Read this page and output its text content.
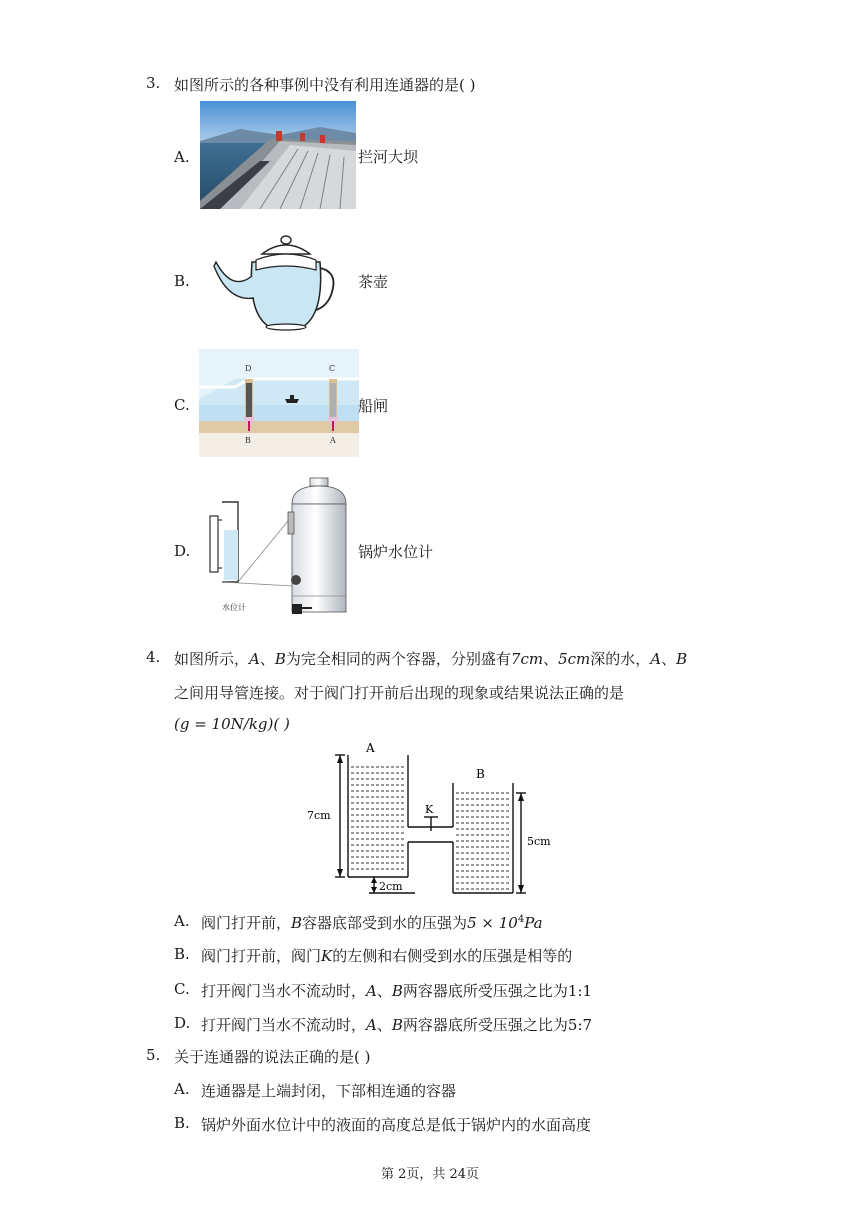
3. 如图所示的各种事例中没有利用连通器的是( )
A.	拦河大坝
B.	茶壶
C.
D	C
B	A
船闸
D.
水位计
锅炉水位计
4. 如图所示，A、B为完全相同的两个容器，分别盛有7cm、5cm深的水，A、B
之间用导管连接。对于阀门打开前后出现的现象或结果说法正确的是
(g = 10N/kg)( )
A
B
K
7cm
5cm
2cm
A. 阀门打开前，B容器底部受到水的压强为$5 \times 10^4Pa$
B. 阀门打开前，阀门K的左侧和右侧受到水的压强是相等的
C. 打开阀门当水不流动时，A、B两容器底所受压强之比为1:1
D. 打开阀门当水不流动时，A、B两容器底所受压强之比为5:7
5. 关于连通器的说法正确的是( )
A. 连通器是上端封闭，下部相连通的容器
B. 锅炉外面水位计中的液面的高度总是低于锅炉内的水面高度
第 2页，共 24页
